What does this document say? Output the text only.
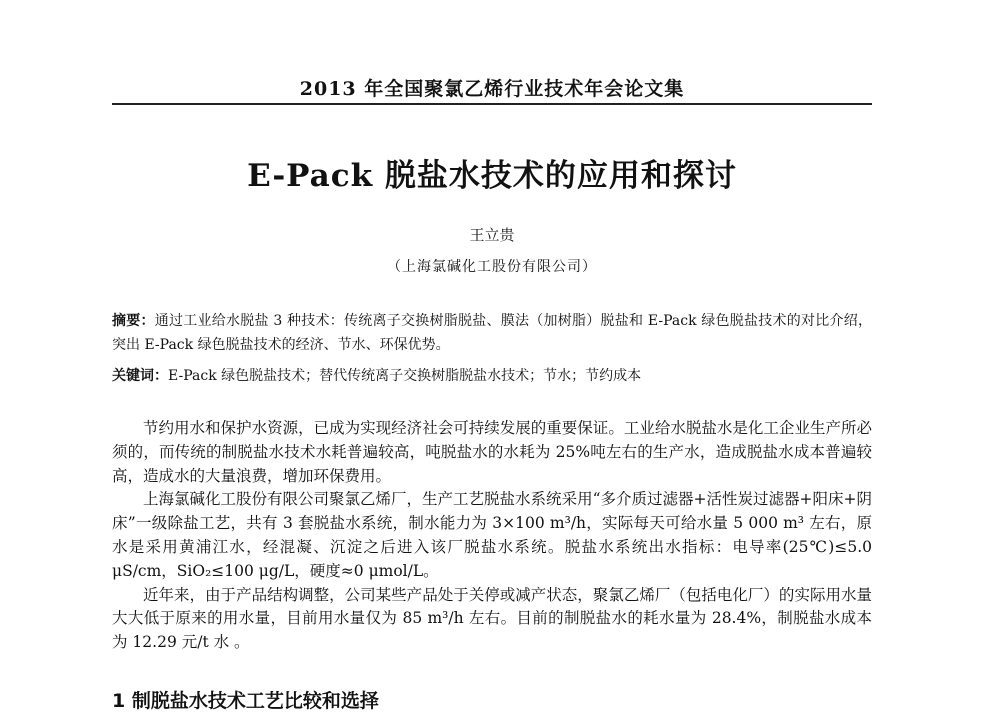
2013 年全国聚氯乙烯行业技术年会论文集
E-Pack 脱盐水技术的应用和探讨
王立贵
（上海氯碱化工股份有限公司）
摘要：通过工业给水脱盐 3 种技术：传统离子交换树脂脱盐、膜法（加树脂）脱盐和 E-Pack 绿色脱盐技术的对比介绍，突出 E-Pack 绿色脱盐技术的经济、节水、环保优势。
关键词：E-Pack 绿色脱盐技术；替代传统离子交换树脂脱盐水技术；节水；节约成本

节约用水和保护水资源，已成为实现经济社会可持续发展的重要保证。工业给水脱盐水是化工企业生产所必须的，而传统的制脱盐水技术水耗普遍较高，吨脱盐水的水耗为 25%吨左右的生产水，造成脱盐水成本普遍较高，造成水的大量浪费，增加环保费用。

上海氯碱化工股份有限公司聚氯乙烯厂，生产工艺脱盐水系统采用“多介质过滤器+活性炭过滤器+阳床+阴床”一级除盐工艺，共有 3 套脱盐水系统，制水能力为 3×100 m³/h，实际每天可给水量 5 000 m³ 左右，原水是采用黄浦江水，经混凝、沉淀之后进入该厂脱盐水系统。脱盐水系统出水指标：电导率(25℃)≤5.0 μS/cm，SiO₂≤100 μg/L，硬度≈0 μmol/L。

近年来，由于产品结构调整，公司某些产品处于关停或减产状态，聚氯乙烯厂（包括电化厂）的实际用水量大大低于原来的用水量，目前用水量仅为 85 m³/h 左右。目前的制脱盐水的耗水量为 28.4%，制脱盐水成本为 12.29 元/t 水 。

1 制脱盐水技术工艺比较和选择
